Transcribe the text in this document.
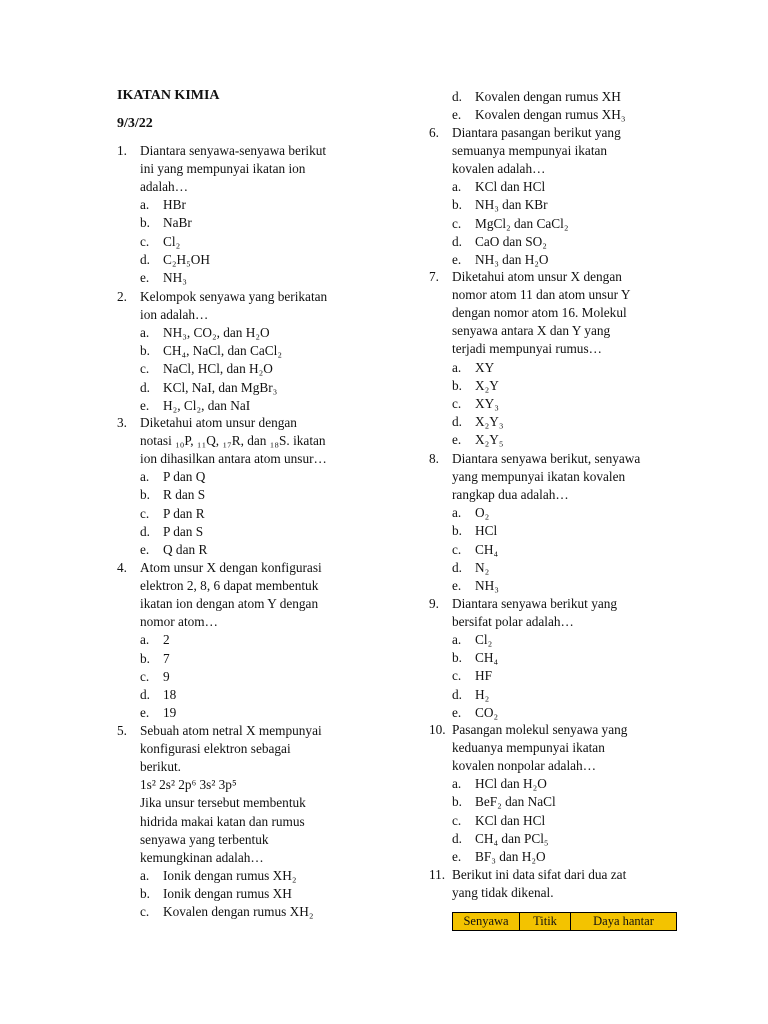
IKATAN KIMIA
9/3/22
1. Diantara senyawa-senyawa berikut
ini yang mempunyai ikatan ion
adalah…
a. HBr
b. NaBr
c. Cl₂
d. C₂H₅OH
e. NH₃
2. Kelompok senyawa yang berikatan
ion adalah…
a. NH₃, CO₂, dan H₂O
b. CH₄, NaCl, dan CaCl₂
c. NaCl, HCl, dan H₂O
d. KCl, NaI, dan MgBr₃
e. H₂, Cl₂, dan NaI
3. Diketahui atom unsur dengan
notasi ₁₀P, ₁₁Q, ₁₇R, dan ₁₈S. ikatan
ion dihasilkan antara atom unsur…
a. P dan Q
b. R dan S
c. P dan R
d. P dan S
e. Q dan R
4. Atom unsur X dengan konfigurasi
elektron 2, 8, 6 dapat membentuk
ikatan ion dengan atom Y dengan
nomor atom…
a. 2
b. 7
c. 9
d. 18
e. 19
5. Sebuah atom netral X mempunyai
konfigurasi elektron sebagai
berikut.
1s² 2s² 2p⁶ 3s² 3p⁵
Jika unsur tersebut membentuk
hidrida makai katan dan rumus
senyawa yang terbentuk
kemungkinan adalah…
a. Ionik dengan rumus XH₂
b. Ionik dengan rumus XH
c. Kovalen dengan rumus XH₂
d. Kovalen dengan rumus XH
e. Kovalen dengan rumus XH₃
6. Diantara pasangan berikut yang
semuanya mempunyai ikatan
kovalen adalah…
a. KCl dan HCl
b. NH₃ dan KBr
c. MgCl₂ dan CaCl₂
d. CaO dan SO₂
e. NH₃ dan H₂O
7. Diketahui atom unsur X dengan
nomor atom 11 dan atom unsur Y
dengan nomor atom 16. Molekul
senyawa antara X dan Y yang
terjadi mempunyai rumus…
a. XY
b. X₂Y
c. XY₃
d. X₂Y₃
e. X₂Y₅
8. Diantara senyawa berikut, senyawa
yang mempunyai ikatan kovalen
rangkap dua adalah…
a. O₂
b. HCl
c. CH₄
d. N₂
e. NH₃
9. Diantara senyawa berikut yang
bersifat polar adalah…
a. Cl₂
b. CH₄
c. HF
d. H₂
e. CO₂
10. Pasangan molekul senyawa yang
keduanya mempunyai ikatan
kovalen nonpolar adalah…
a. HCl dan H₂O
b. BeF₂ dan NaCl
c. KCl dan HCl
d. CH₄ dan PCl₅
e. BF₃ dan H₂O
11. Berikut ini data sifat dari dua zat
yang tidak dikenal.
Senyawa	Titik	Daya hantar
